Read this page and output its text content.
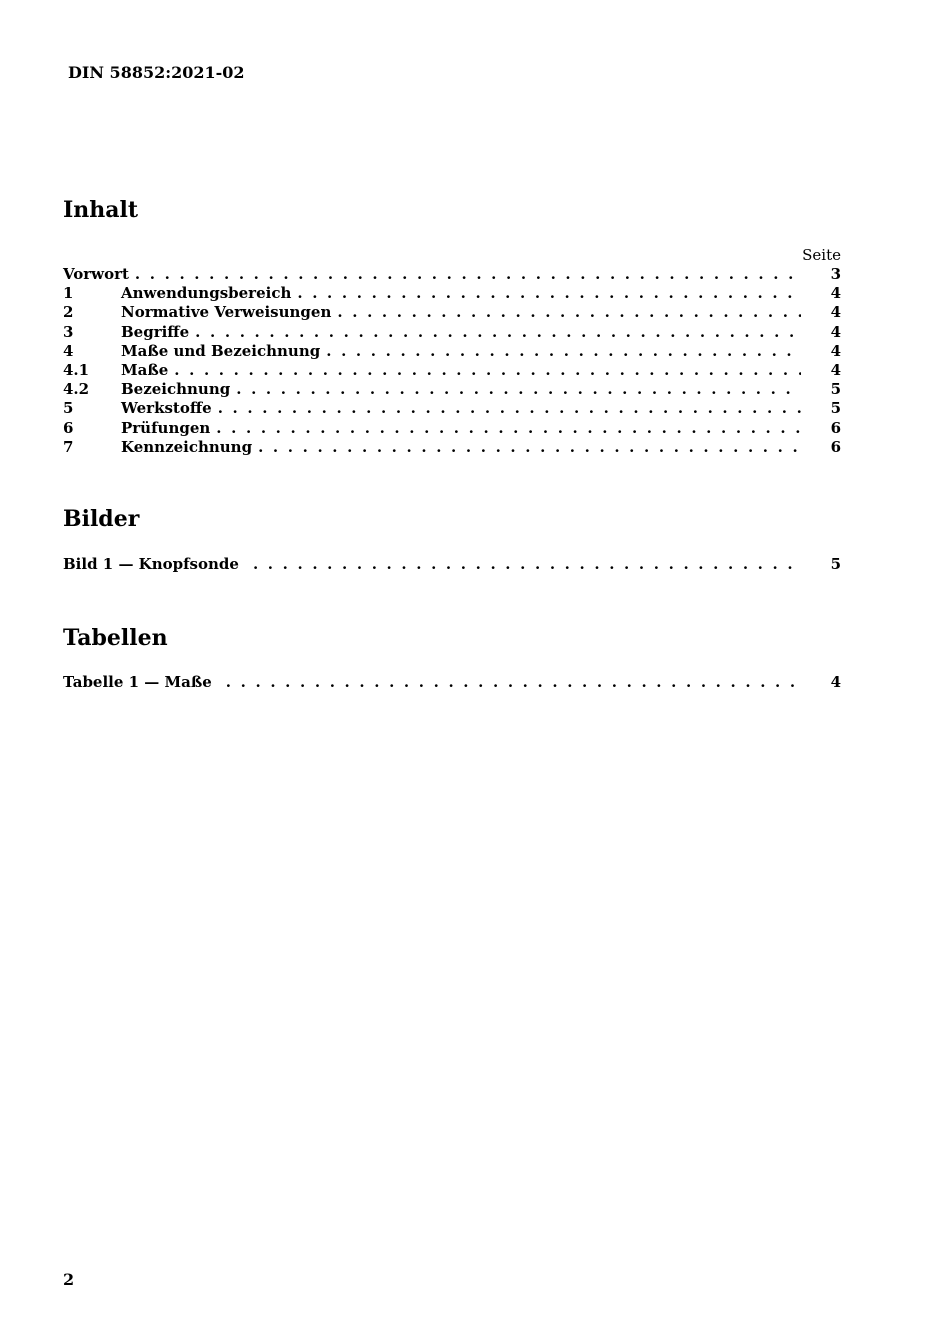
DIN 58852:2021-02
Inhalt
Seite
Vorwort . . .	3
1	Anwendungsbereich . . .	4
2	Normative Verweisungen . . .	4
3	Begriffe . . .	4
4	Maße und Bezeichnung . . .	4
4.1	Maße . . .	4
4.2	Bezeichnung . . .	5
5	Werkstoffe . . .	5
6	Prüfungen . . .	6
7	Kennzeichnung . . .	6
Bilder
Bild 1 — Knopfsonde . . .	5
Tabellen
Tabelle 1 — Maße . . .	4
2
